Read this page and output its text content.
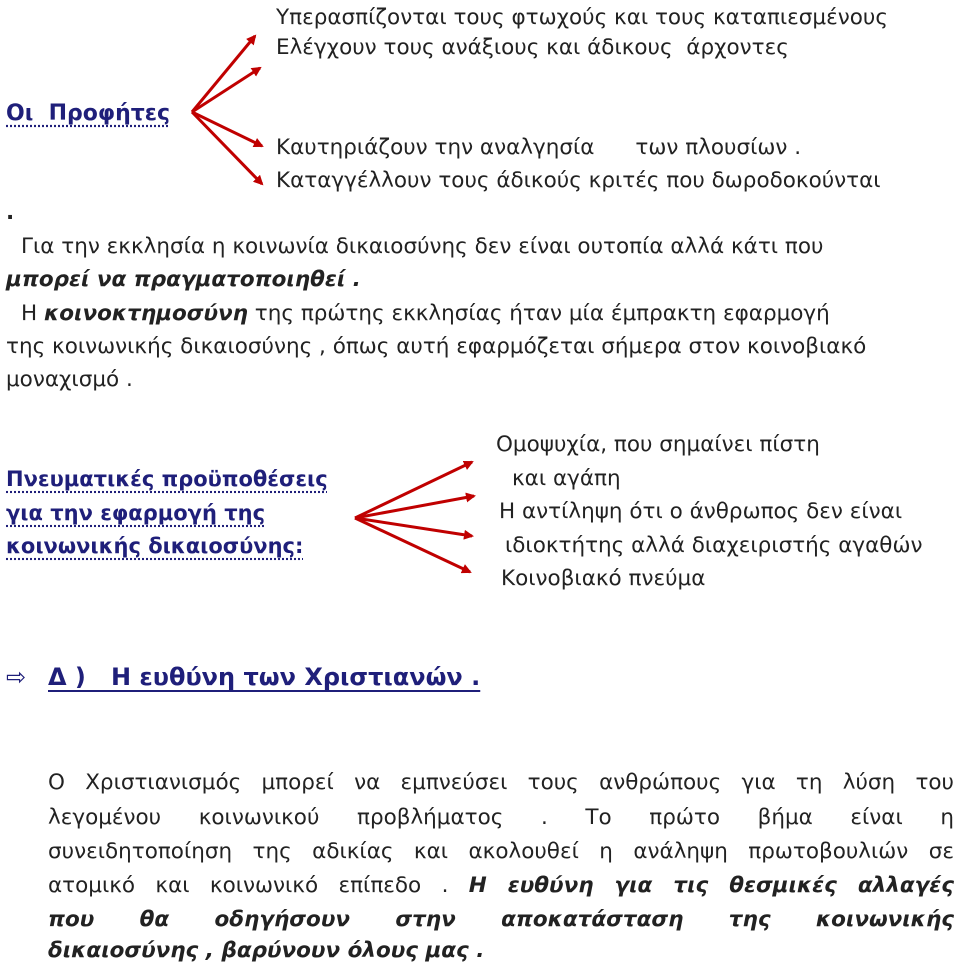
Υπερασπίζονται τους φτωχούς και τους καταπιεσμένους
Ελέγχουν τους ανάξιους και άδικους  άρχοντες
Οι  Προφήτες
Καυτηριάζουν την αναλγησία      των πλουσίων .
Καταγγέλλουν τους άδικούς κριτές που δωροδοκούνται
.
Για την εκκλησία η κοινωνία δικαιοσύνης δεν είναι ουτοπία αλλά κάτι που
μπορεί να πραγματοποιηθεί .
Η κοινοκτημοσύνη της πρώτης εκκλησίας ήταν μία έμπρακτη εφαρμογή
της κοινωνικής δικαιοσύνης , όπως αυτή εφαρμόζεται σήμερα στον κοινοβιακό
μοναχισμό .
Πνευματικές προϋποθέσεις
για την εφαρμογή της
κοινωνικής δικαιοσύνης:
Ομοψυχία, που σημαίνει πίστη
και αγάπη
Η αντίληψη ότι ο άνθρωπος δεν είναι
ιδιοκτήτης αλλά διαχειριστής αγαθών
Κοινοβιακό πνεύμα
⇨ Δ )   Η ευθύνη των Χριστιανών .
Ο Χριστιανισμός μπορεί να εμπνεύσει τους ανθρώπους για τη λύση του
λεγομένου κοινωνικού προβλήματος . Το πρώτο βήμα είναι η
συνειδητοποίηση της αδικίας και ακολουθεί η ανάληψη πρωτοβουλιών σε
ατομικό και κοινωνικό επίπεδο . Η ευθύνη για τις θεσμικές αλλαγές
που θα οδηγήσουν στην αποκατάσταση της κοινωνικής
δικαιοσύνης , βαρύνουν όλους μας .
